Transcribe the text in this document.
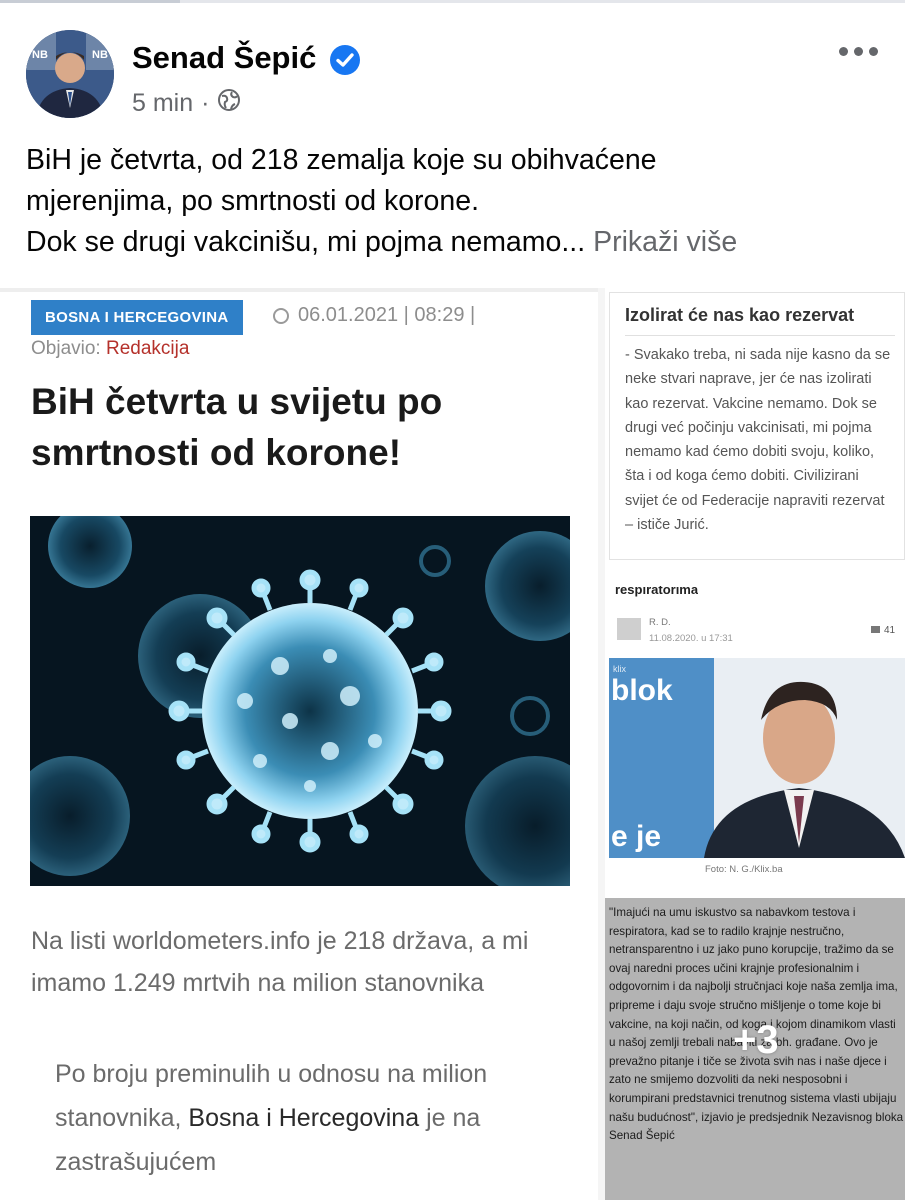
NB	NB Senad Šepić
5 min ·
BiH je četvrta, od 218 zemalja koje su obihvaćene
mjerenjima, po smrtnosti od korone.
Dok se drugi vakcinišu, mi pojma nemamo... Prikaži više
BOSNA I HERCEGOVINA	06.01.2021 | 08:29 |
Objavio: Redakcija
BiH četvrta u svijetu po smrtnosti od korone!
Na listi worldometers.info je 218 država, a mi imamo 1.249 mrtvih na milion stanovnika
Po broju preminulih u odnosu na milion stanovnika, Bosna i Hercegovina je na zastrašujućem
Izolirat će nas kao rezervat
- Svakako treba, ni sada nije kasno da se neke stvari naprave, jer će nas izolirati kao rezervat. Vakcine nemamo. Dok se drugi već počinju vakcinisati, mi pojma nemamo kad ćemo dobiti svoju, koliko, šta i od koga ćemo dobiti. Civilizirani svijet će od Federacije napraviti rezervat – ističe Jurić.
respiratorima
R. D.
11.08.2020. u 17:31
41
klix
blok
e je
Foto: N. G./Klix.ba
"Imajući na umu iskustvo sa nabavkom testova i respiratora, kad se to radilo krajnje nestručno, netransparentno i uz jako puno korupcije, tražimo da se ovaj naredni proces učini krajnje profesionalnim i odgovornim i da najbolji stručnjaci koje naša zemlja ima, pripreme i daju svoje stručno mišljenje o tome koje bi vakcine, na koji način, od koga i kojom dinamikom vlasti u našoj zemlji trebali nabaviti za bh. građane. Ovo je prevažno pitanje i tiče se života svih nas i naše djece i zato ne smijemo dozvoliti da neki nesposobni i korumpirani predstavnici trenutnog sistema vlasti ubijaju našu budućnost", izjavio je predsjednik Nezavisnog bloka Senad Šepić
+3
